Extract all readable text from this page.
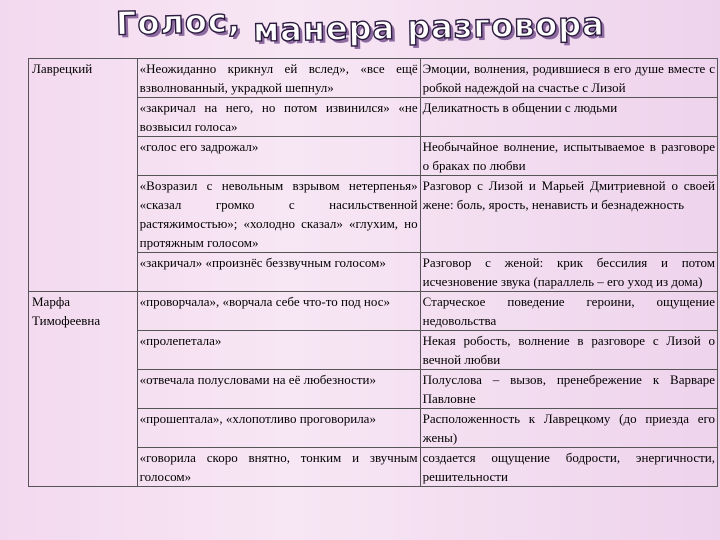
Голос, манера разговора
Лаврецкий	«Неожиданно крикнул ей вслед», «все ещё взволнованный, украдкой шепнул»	Эмоции, волнения, родившиеся в его душе вместе с робкой надеждой на счастье с Лизой
	«закричал на него, но потом извинился» «не возвысил голоса»	Деликатность в общении с людьми
	«голос его задрожал»	Необычайное волнение, испытываемое в разговоре о браках по любви
	«Возразил с невольным взрывом нетерпенья» «сказал громко с насильственной растяжимостью»; «холодно сказал» «глухим, но протяжным голосом»	Разговор с Лизой и Марьей Дмитриевной о своей жене: боль, ярость, ненависть и безнадежность
	«закричал» «произнёс беззвучным голосом»	Разговор с женой: крик бессилия и потом исчезновение звука (параллель – его уход из дома)
Марфа Тимофеевна	«проворчала», «ворчала себе что-то под нос»	Старческое поведение героини, ощущение недовольства
	«пролепетала»	Некая робость, волнение в разговоре с Лизой о вечной любви
	«отвечала полусловами на её любезности»	Полуслова – вызов, пренебрежение к Варваре Павловне
	«прошептала», «хлопотливо проговорила»	Расположенность к Лаврецкому (до приезда его жены)
	«говорила скоро внятно, тонким и звучным голосом»	создается ощущение бодрости, энергичности, решительности
